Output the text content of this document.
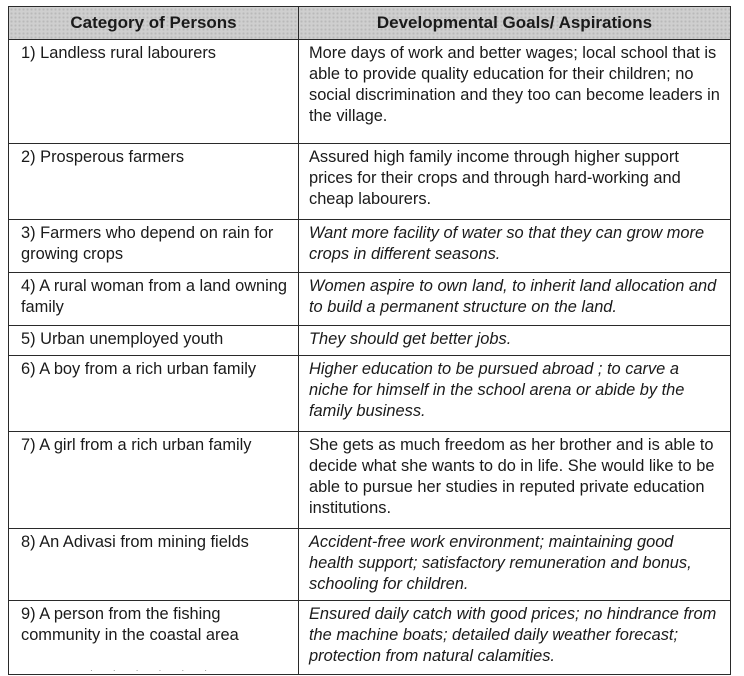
Category of Persons	Developmental Goals/ Aspirations
1) Landless rural labourers	More days of work and better wages; local school that is able to provide quality education for their children; no social discrimination and they too can become leaders in the village.
2) Prosperous farmers	Assured high family income through higher support prices for their crops and through hard-working and cheap labourers.
3) Farmers who depend on rain for growing crops	Want more facility of water so that they can grow more crops in different seasons.
4) A rural woman from a land owning family	Women aspire to own land, to inherit land allocation and to build a permanent structure on the land.
5) Urban unemployed youth	They should get better jobs.
6) A boy from a rich urban family	Higher education to be pursued abroad ; to carve a niche for himself in the school arena or abide by the family business.
7) A girl from a rich urban family	She gets as much freedom as her brother and is able to decide what she wants to do in life. She would like to be able to pursue her studies in reputed private education institutions.
8) An Adivasi from mining fields	Accident-free work environment; maintaining good health support; satisfactory remuneration and bonus, schooling for children.
9) A person from the fishing community in the coastal area	Ensured daily catch with good prices; no hindrance from the machine boats; detailed daily weather forecast; protection from natural calamities.
· · · · · ·
